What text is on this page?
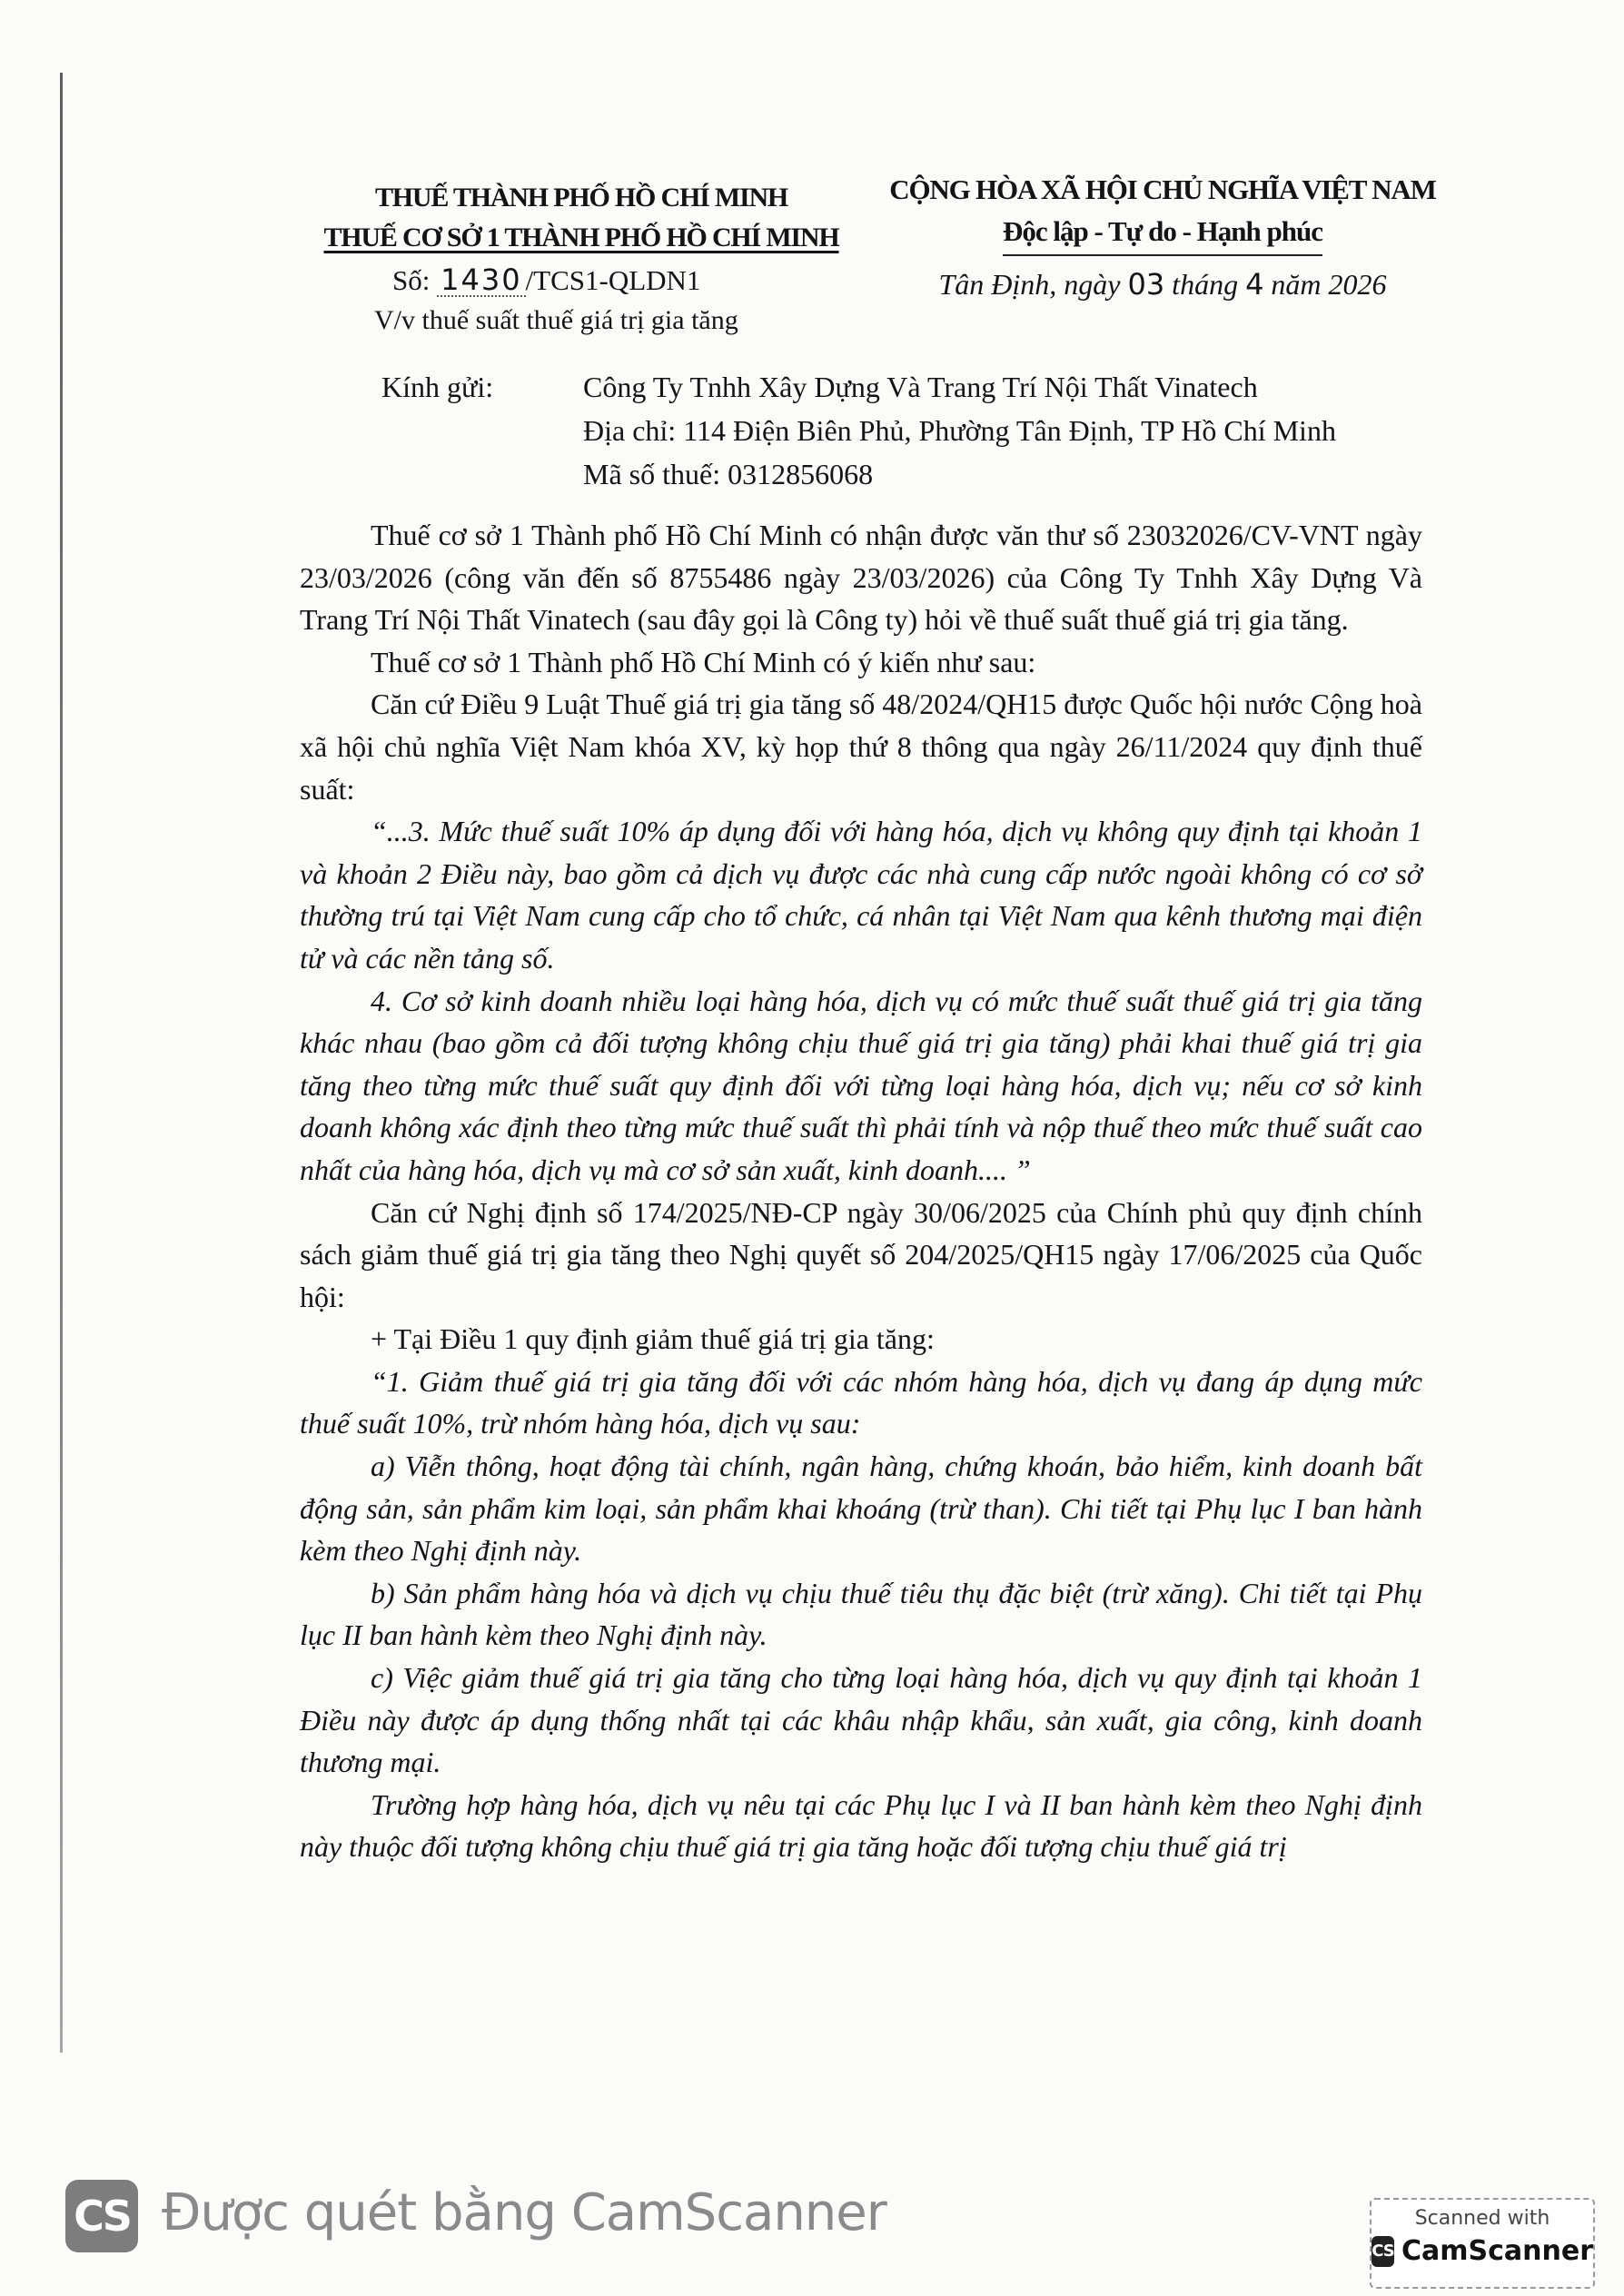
THUẾ THÀNH PHỐ HỒ CHÍ MINH
THUẾ CƠ SỞ 1 THÀNH PHỐ HỒ CHÍ MINH
Số: 1430 /TCS1-QLDN1
V/v thuế suất thuế giá trị gia tăng
CỘNG HÒA XÃ HỘI CHỦ NGHĨA VIỆT NAM
Độc lập - Tự do - Hạnh phúc
Tân Định, ngày 03 tháng 4 năm 2026
Kính gửi:	Công Ty Tnhh Xây Dựng Và Trang Trí Nội Thất Vinatech
Địa chỉ: 114 Điện Biên Phủ, Phường Tân Định, TP Hồ Chí Minh
Mã số thuế: 0312856068

Thuế cơ sở 1 Thành phố Hồ Chí Minh có nhận được văn thư số 23032026/CV-VNT ngày 23/03/2026 (công văn đến số 8755486 ngày 23/03/2026) của Công Ty Tnhh Xây Dựng Và Trang Trí Nội Thất Vinatech (sau đây gọi là Công ty) hỏi về thuế suất thuế giá trị gia tăng.

Thuế cơ sở 1 Thành phố Hồ Chí Minh có ý kiến như sau:

Căn cứ Điều 9 Luật Thuế giá trị gia tăng số 48/2024/QH15 được Quốc hội nước Cộng hoà xã hội chủ nghĩa Việt Nam khóa XV, kỳ họp thứ 8 thông qua ngày 26/11/2024 quy định thuế suất:

“...3. Mức thuế suất 10% áp dụng đối với hàng hóa, dịch vụ không quy định tại khoản 1 và khoản 2 Điều này, bao gồm cả dịch vụ được các nhà cung cấp nước ngoài không có cơ sở thường trú tại Việt Nam cung cấp cho tổ chức, cá nhân tại Việt Nam qua kênh thương mại điện tử và các nền tảng số.

4. Cơ sở kinh doanh nhiều loại hàng hóa, dịch vụ có mức thuế suất thuế giá trị gia tăng khác nhau (bao gồm cả đối tượng không chịu thuế giá trị gia tăng) phải khai thuế giá trị gia tăng theo từng mức thuế suất quy định đối với từng loại hàng hóa, dịch vụ; nếu cơ sở kinh doanh không xác định theo từng mức thuế suất thì phải tính và nộp thuế theo mức thuế suất cao nhất của hàng hóa, dịch vụ mà cơ sở sản xuất, kinh doanh.... ”

Căn cứ Nghị định số 174/2025/NĐ-CP ngày 30/06/2025 của Chính phủ quy định chính sách giảm thuế giá trị gia tăng theo Nghị quyết số 204/2025/QH15 ngày 17/06/2025 của Quốc hội:

+ Tại Điều 1 quy định giảm thuế giá trị gia tăng:

“1. Giảm thuế giá trị gia tăng đối với các nhóm hàng hóa, dịch vụ đang áp dụng mức thuế suất 10%, trừ nhóm hàng hóa, dịch vụ sau:

a) Viễn thông, hoạt động tài chính, ngân hàng, chứng khoán, bảo hiểm, kinh doanh bất động sản, sản phẩm kim loại, sản phẩm khai khoáng (trừ than). Chi tiết tại Phụ lục I ban hành kèm theo Nghị định này.

b) Sản phẩm hàng hóa và dịch vụ chịu thuế tiêu thụ đặc biệt (trừ xăng). Chi tiết tại Phụ lục II ban hành kèm theo Nghị định này.

c) Việc giảm thuế giá trị gia tăng cho từng loại hàng hóa, dịch vụ quy định tại khoản 1 Điều này được áp dụng thống nhất tại các khâu nhập khẩu, sản xuất, gia công, kinh doanh thương mại.

Trường hợp hàng hóa, dịch vụ nêu tại các Phụ lục I và II ban hành kèm theo Nghị định này thuộc đối tượng không chịu thuế giá trị gia tăng hoặc đối tượng chịu thuế giá trị

CS Được quét bằng CamScanner	Scanned with
CS CamScanner
